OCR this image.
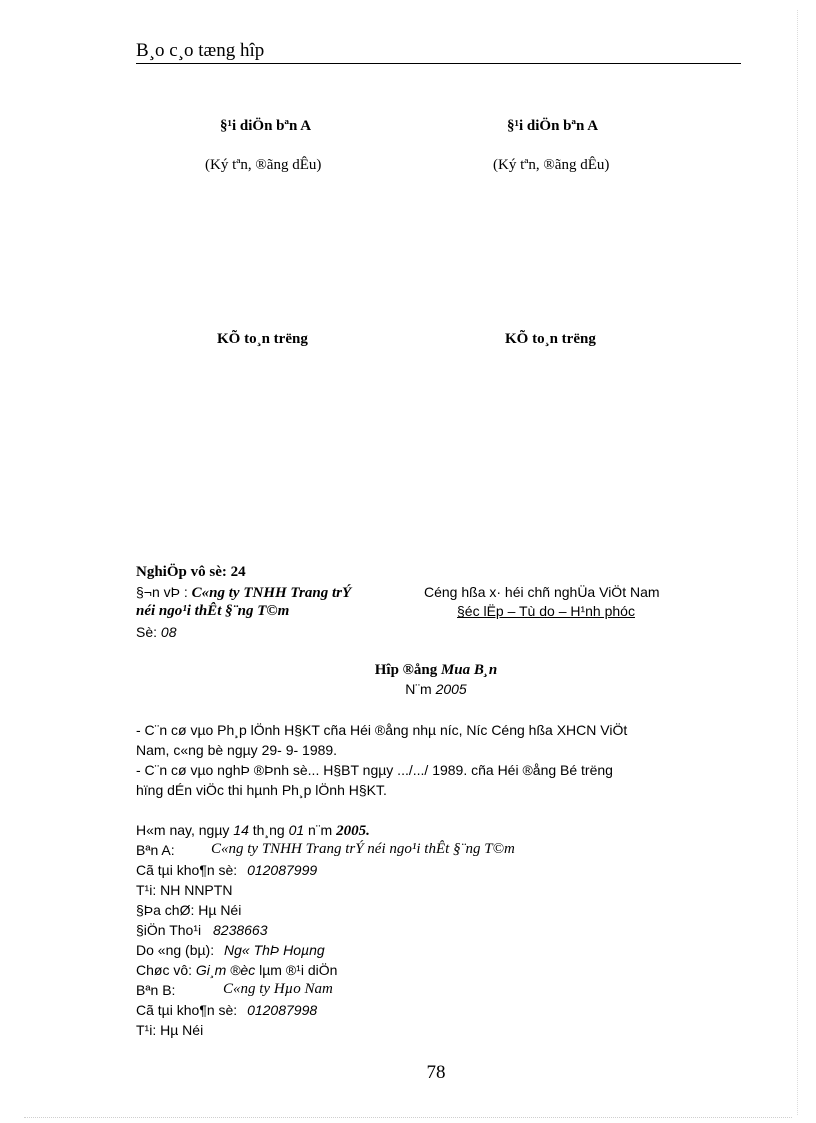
B¸o c¸o tæng hîp
§¹i diÖn bªn A	§¹i diÖn bªn A
(Ký tªn, ®ãng dÊu)	(Ký tªn, ®ãng dÊu)
KÕ to¸n trëng	KÕ to¸n trëng
NghiÖp vô sè: 24
§¬n vÞ : C«ng ty TNHH Trang trÝ
néi ngo¹i thÊt §¨ng T©m
Céng hßa x· héi chñ nghÜa ViÖt Nam
§éc lËp – Tù do – H¹nh phóc
Sè: 08
Hîp ®ång Mua B¸n
N¨m 2005
- C¨n cø vµo Ph¸p lÖnh H§KT cña Héi ®ång nhµ níc, Níc Céng hßa XHCN ViÖt
Nam, c«ng bè ngµy 29- 9- 1989.
- C¨n cø vµo nghÞ ®Þnh sè... H§BT ngµy .../.../ 1989. cña Héi ®ång Bé trëng
hïng dÉn viÖc thi hµnh Ph¸p lÖnh H§KT.
H«m nay, ngµy 14 th¸ng 01 n¨m 2005.
Bªn A: C«ng ty TNHH Trang trÝ néi ngo¹i thÊt §¨ng T©m
Cã tµi kho¶n sè: 012087999
T¹i: NH NNPTN
§Þa chØ: Hµ Néi
§iÖn Tho¹i 8238663
Do «ng (bµ): Ng« ThÞ Hoµng
Chøc vô: Gi¸m ®èc lµm ®¹i diÖn
Bªn B:	C«ng ty Hµo Nam
Cã tµi kho¶n sè: 012087998
T¹i: Hµ Néi
78
